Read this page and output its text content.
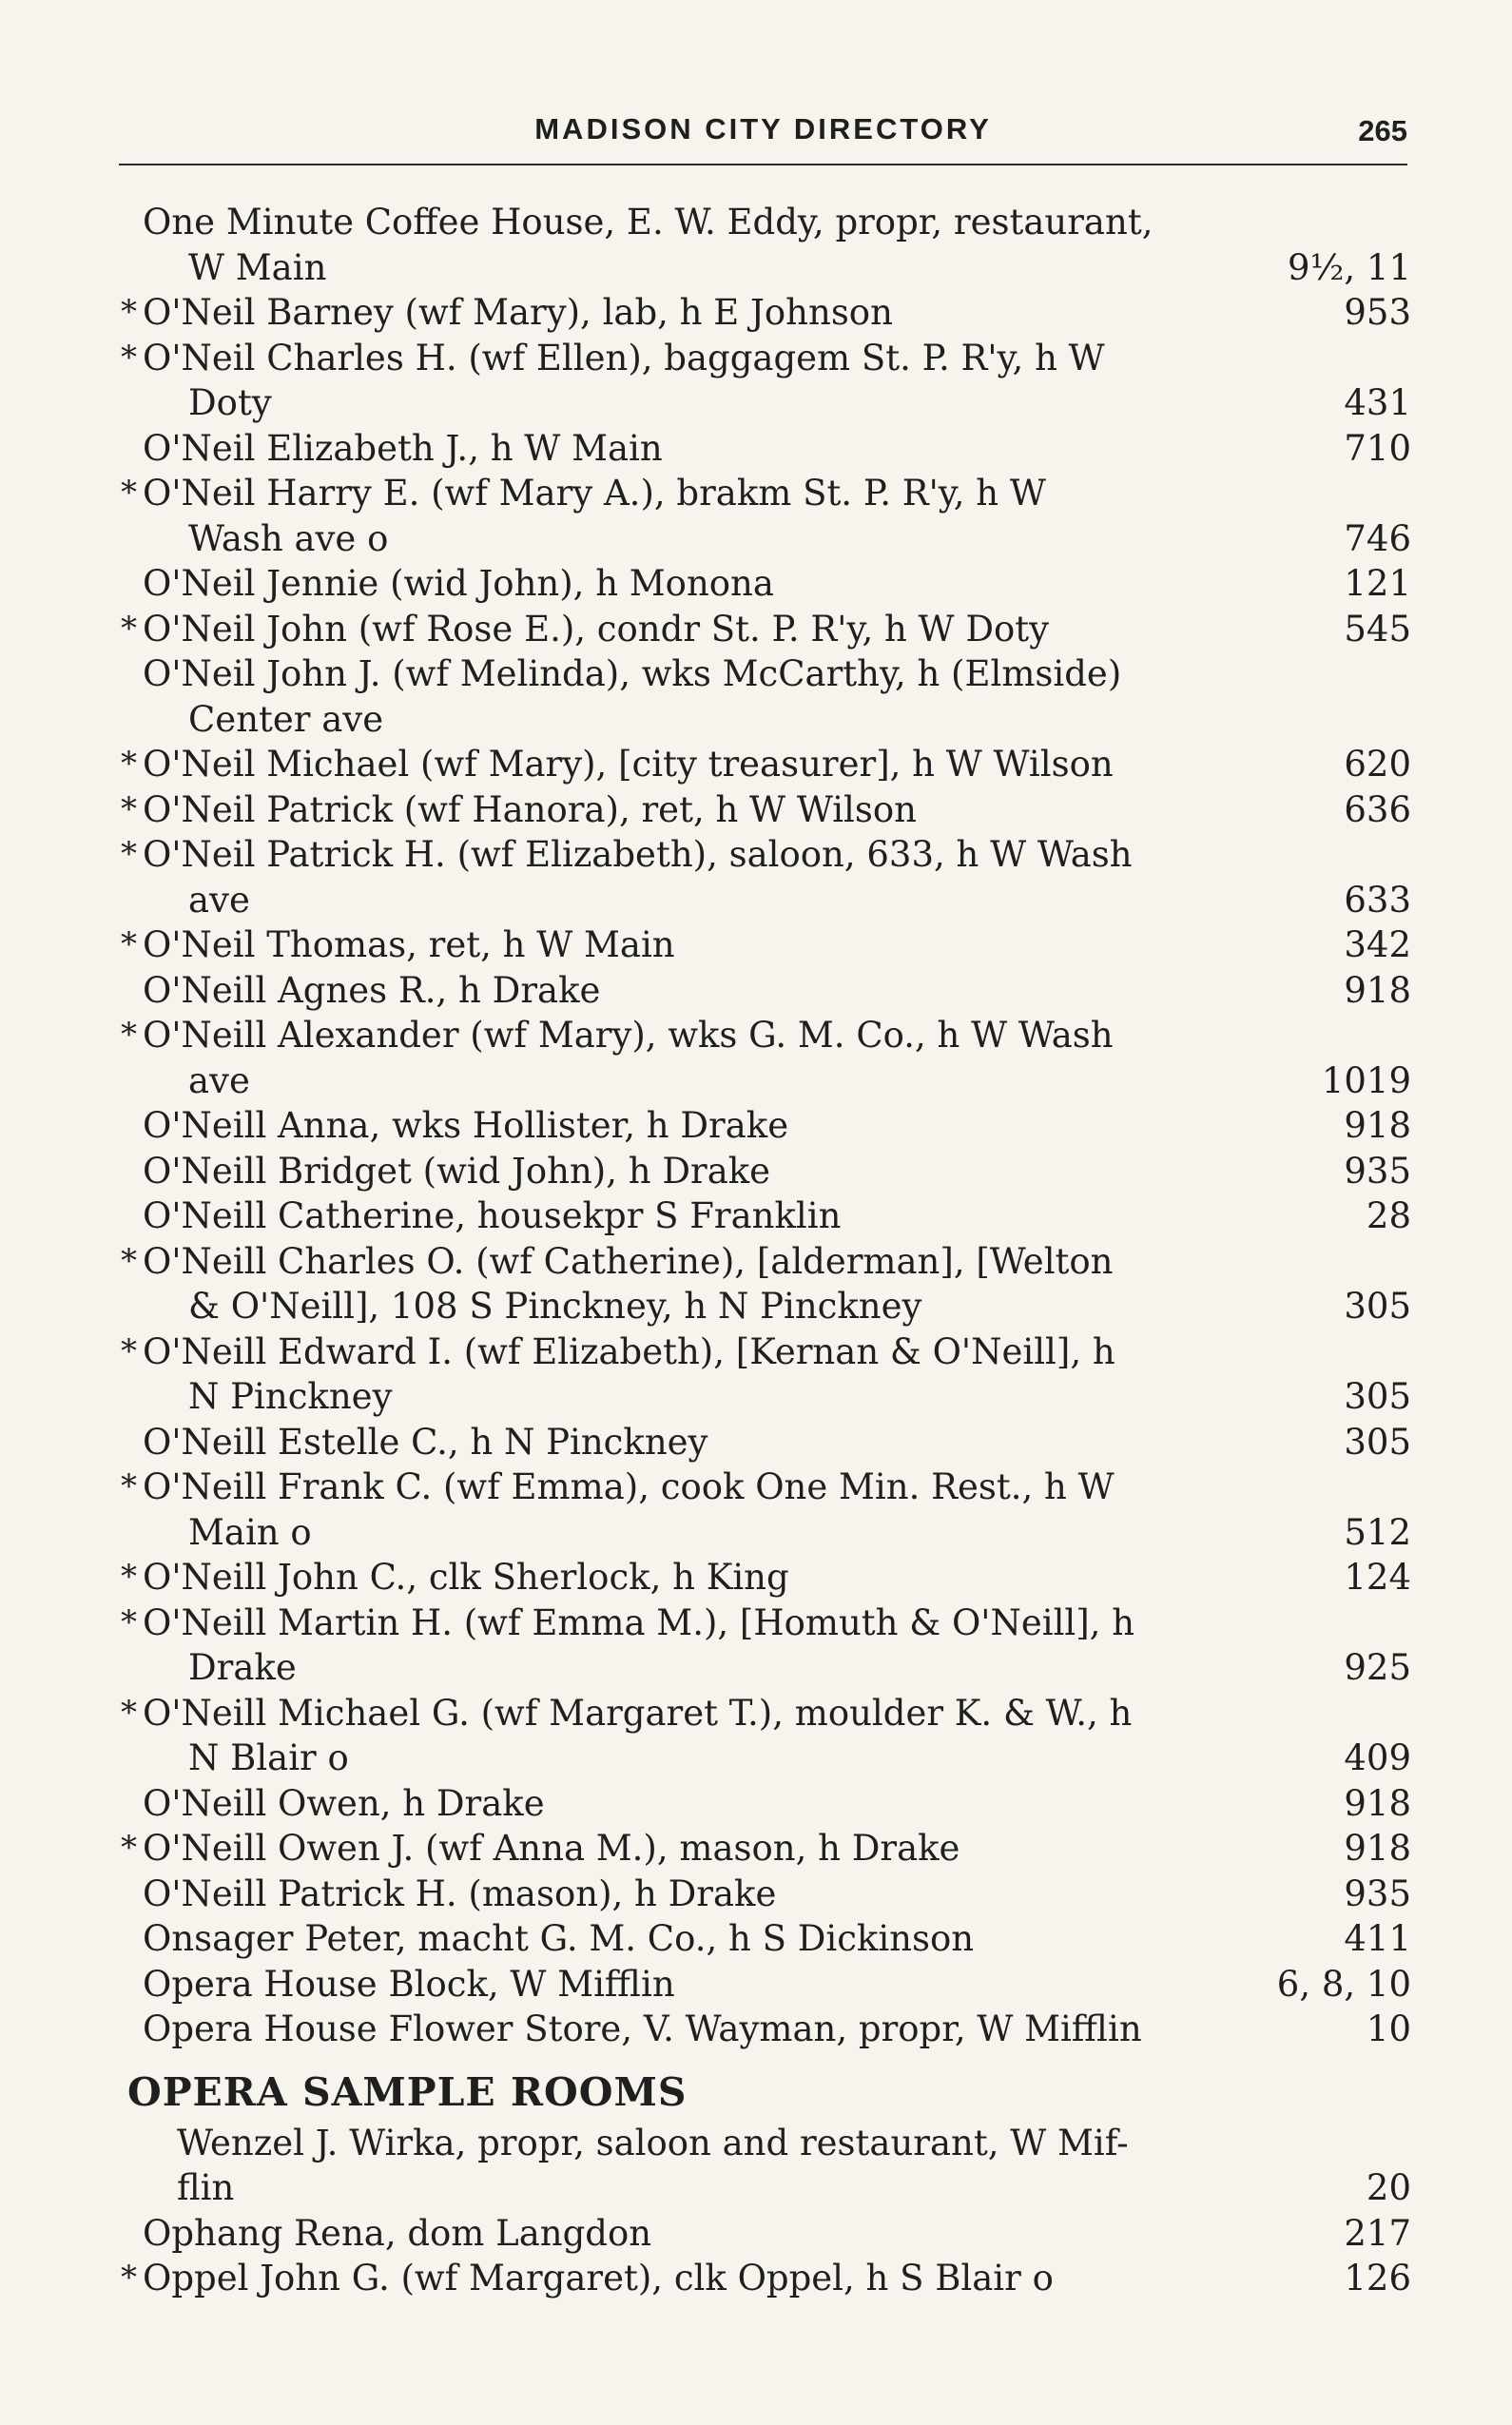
MADISON CITY DIRECTORY	265
One Minute Coffee House, E. W. Eddy, propr, restaurant,
W Main	9½, 11
* O'Neil Barney (wf Mary), lab, h E Johnson	953
* O'Neil Charles H. (wf Ellen), baggagem St. P. R'y, h W
Doty	431
O'Neil Elizabeth J., h W Main	710
* O'Neil Harry E. (wf Mary A.), brakm St. P. R'y, h W
Wash ave o	746
O'Neil Jennie (wid John), h Monona	121
* O'Neil John (wf Rose E.), condr St. P. R'y, h W Doty	545
O'Neil John J. (wf Melinda), wks McCarthy, h (Elmside)
Center ave
* O'Neil Michael (wf Mary), [city treasurer], h W Wilson	620
* O'Neil Patrick (wf Hanora), ret, h W Wilson	636
* O'Neil Patrick H. (wf Elizabeth), saloon, 633, h W Wash
ave	633
* O'Neil Thomas, ret, h W Main	342
O'Neill Agnes R., h Drake	918
* O'Neill Alexander (wf Mary), wks G. M. Co., h W Wash
ave	1019
O'Neill Anna, wks Hollister, h Drake	918
O'Neill Bridget (wid John), h Drake	935
O'Neill Catherine, housekpr S Franklin	28
* O'Neill Charles O. (wf Catherine), [alderman], [Welton
& O'Neill], 108 S Pinckney, h N Pinckney	305
* O'Neill Edward I. (wf Elizabeth), [Kernan & O'Neill], h
N Pinckney	305
O'Neill Estelle C., h N Pinckney	305
* O'Neill Frank C. (wf Emma), cook One Min. Rest., h W
Main o	512
* O'Neill John C., clk Sherlock, h King	124
* O'Neill Martin H. (wf Emma M.), [Homuth & O'Neill], h
Drake	925
* O'Neill Michael G. (wf Margaret T.), moulder K. & W., h
N Blair o	409
O'Neill Owen, h Drake	918
* O'Neill Owen J. (wf Anna M.), mason, h Drake	918
O'Neill Patrick H. (mason), h Drake	935
Onsager Peter, macht G. M. Co., h S Dickinson	411
Opera House Block, W Mifflin	6, 8, 10
Opera House Flower Store, V. Wayman, propr, W Mifflin	10
OPERA SAMPLE ROOMS
Wenzel J. Wirka, propr, saloon and restaurant, W Mif-
flin	20
Ophang Rena, dom Langdon	217
* Oppel John G. (wf Margaret), clk Oppel, h S Blair o	126
